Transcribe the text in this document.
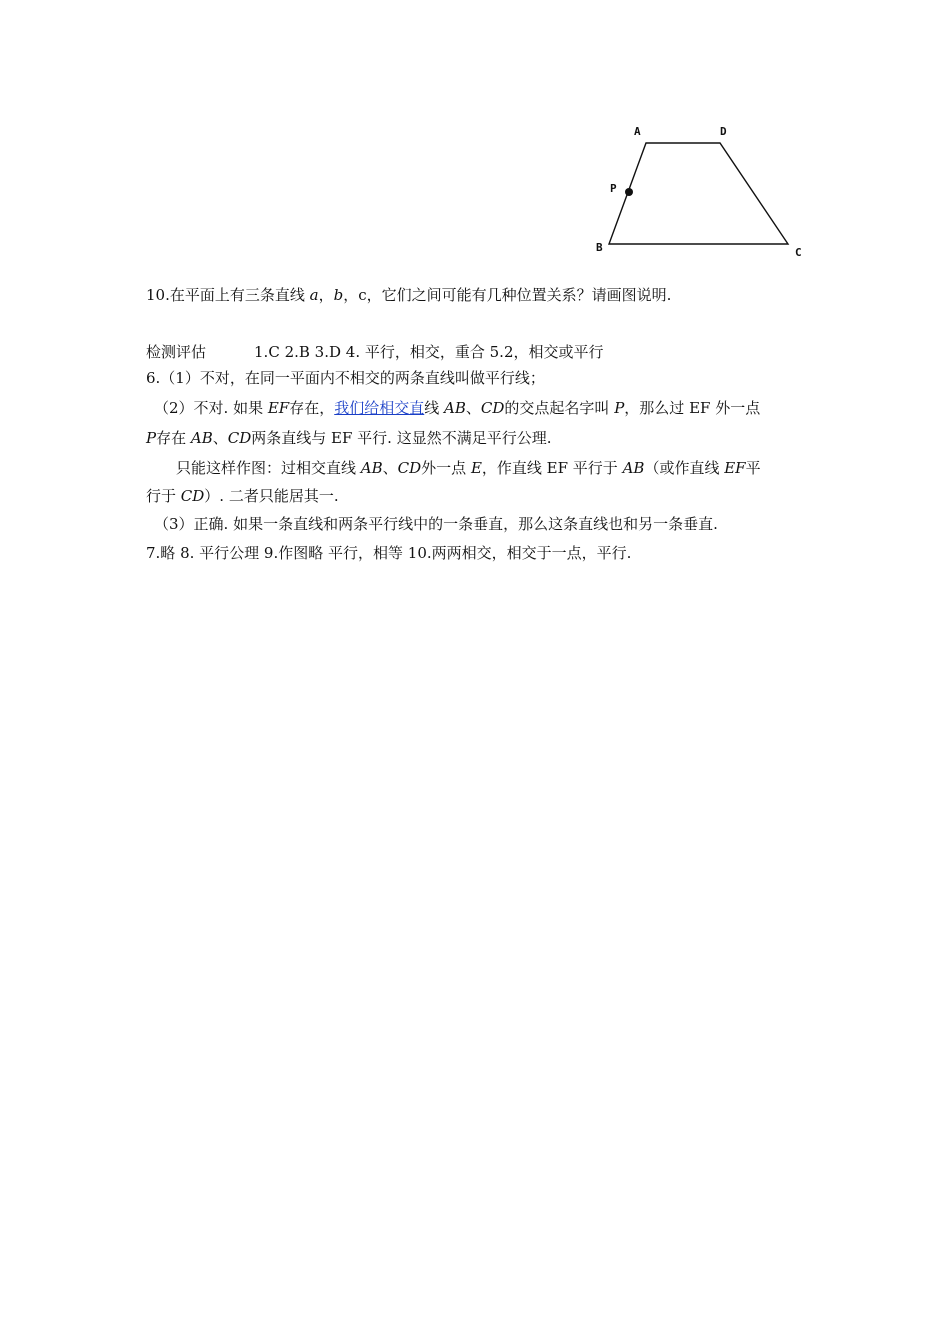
A	D
P
B	C
10.在平面上有三条直线 a，b，c，它们之间可能有几种位置关系？请画图说明.
检测评估	1.C 2.B 3.D 4. 平行，相交，重合 5.2，相交或平行
6.（1）不对，在同一平面内不相交的两条直线叫做平行线；
（2）不对. 如果 EF存在，我们给相交直线 AB、CD的交点起名字叫 P，那么过 EF 外一点
P存在 AB、CD两条直线与 EF 平行. 这显然不满足平行公理.
只能这样作图：过相交直线 AB、CD外一点 E，作直线 EF 平行于 AB（或作直线 EF平
行于 CD）. 二者只能居其一.
（3）正确. 如果一条直线和两条平行线中的一条垂直，那么这条直线也和另一条垂直.
7.略 8. 平行公理 9.作图略 平行，相等 10.两两相交，相交于一点，平行.
